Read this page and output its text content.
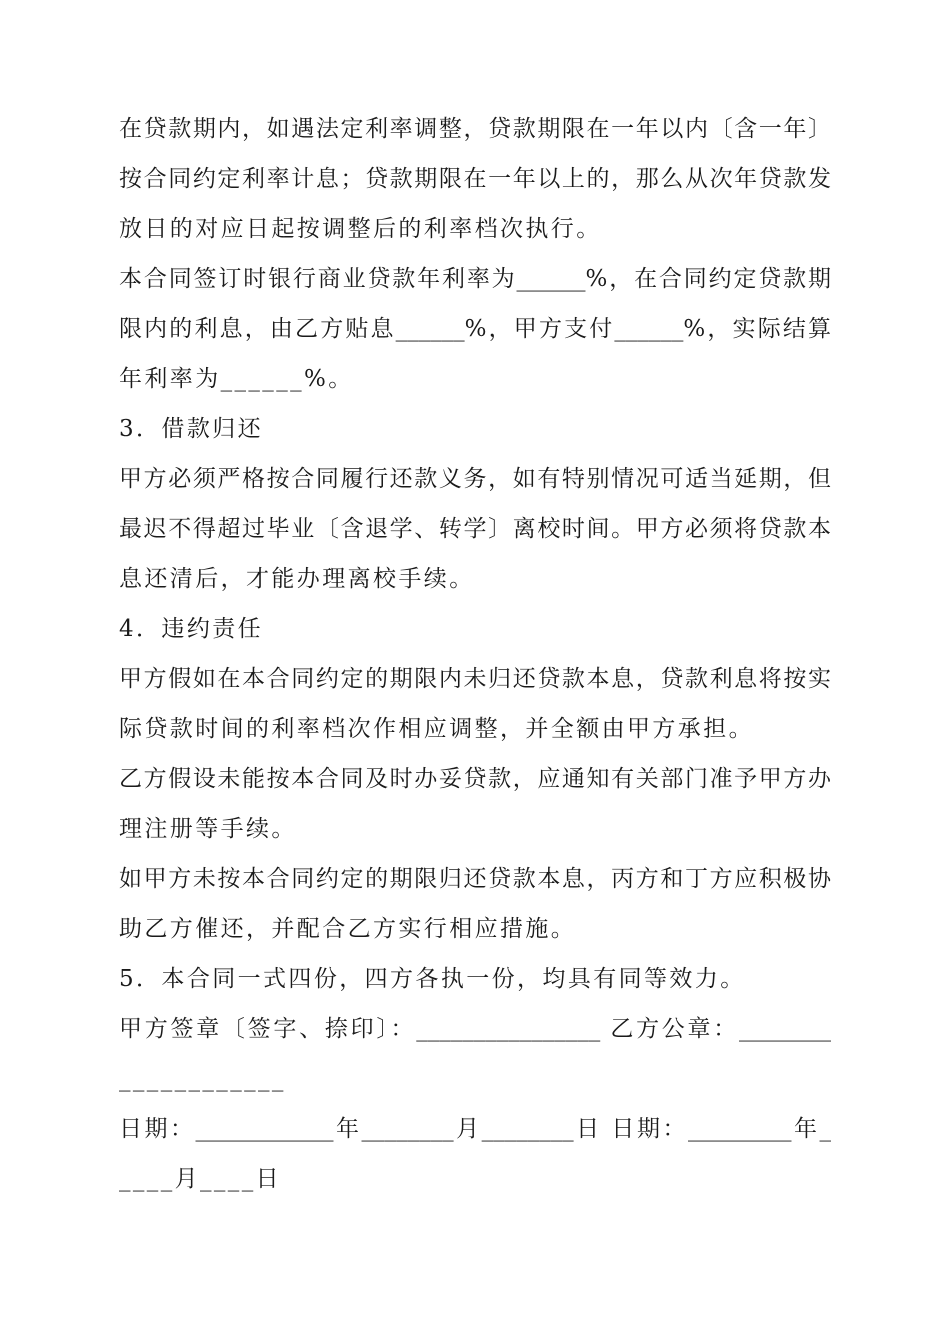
在贷款期内，如遇法定利率调整，贷款期限在一年以内〔含一年〕
按合同约定利率计息；贷款期限在一年以上的，那么从次年贷款发
放日的对应日起按调整后的利率档次执行。
本合同签订时银行商业贷款年利率为______%，在合同约定贷款期
限内的利息，由乙方贴息______%，甲方支付______%，实际结算
年利率为______%。
3．借款归还
甲方必须严格按合同履行还款义务，如有特别情况可适当延期，但
最迟不得超过毕业〔含退学、转学〕离校时间。甲方必须将贷款本
息还清后，才能办理离校手续。
4．违约责任
甲方假如在本合同约定的期限内未归还贷款本息，贷款利息将按实
际贷款时间的利率档次作相应调整，并全额由甲方承担。
乙方假设未能按本合同及时办妥贷款，应通知有关部门准予甲方办
理注册等手续。
如甲方未按本合同约定的期限归还贷款本息，丙方和丁方应积极协
助乙方催还，并配合乙方实行相应措施。
5．本合同一式四份，四方各执一份，均具有同等效力。
甲方签章〔签字、捺印〕：________________ 乙方公章：________
____________
日期：____________年________月________日 日期：_________年_
____月____日
